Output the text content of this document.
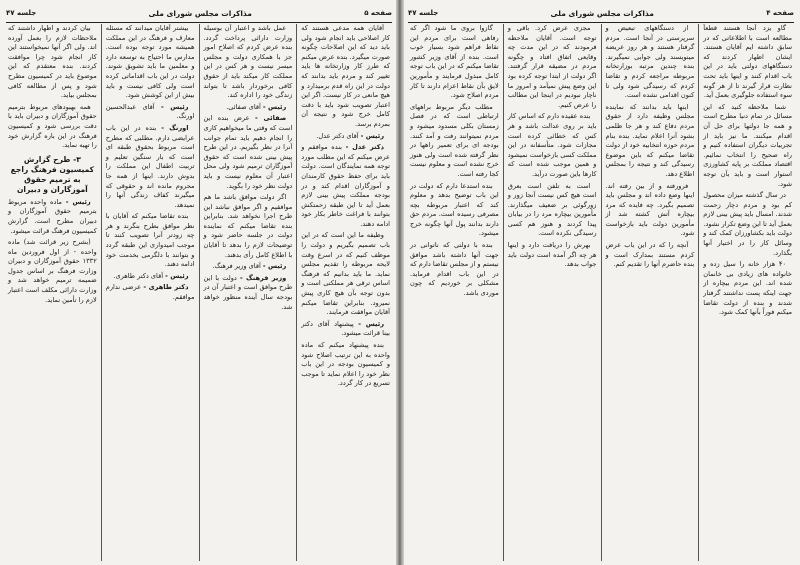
صفحه ۵
مذاکرات مجلس شورای ملی
جلسه ۴۷

آقایان همه مدعی هستند که کار اصلاحی باید انجام شود ولی باید دید که این اصلاحات چگونه صورت میگیرد. بنده عرض میکنم که طرز کار وزارتخانه ها باید تغییر کند و مردم باید بدانند که دولت در این راه قدم برمیدارد و هیچ مانعی در کار نیست. اگر این اعتبار تصویب شود باید با دقت کامل خرج شود و نتیجه آن بمردم برسد.

رئیس - آقای دکتر عدل.

دکتر عدل - بنده موافقم و عرض میکنم که این مطلب مورد توجه همه نمایندگان است. دولت باید برای حفظ حقوق کارمندان و آموزگاران اقدام کند و در بودجه مملکت پیش بینی لازم بعمل آید تا این طبقه زحمتکش بتوانند با فراغت خاطر بکار خود ادامه دهند.

وظیفه ما این است که در این باب تصمیم بگیریم و دولت را موظف کنیم که در اسرع وقت لایحه مربوطه را تقدیم مجلس نماید. ما باید بدانیم که فرهنگ اساس ترقی هر مملکتی است و بدون توجه بآن هیچ کاری پیش نمیرود. بنابراین تقاضا میکنم آقایان موافقت فرمایند.

رئیس - پیشنهاد آقای دکتر بینا قرائت میشود.

بنده پیشنهاد میکنم که ماده واحده به این ترتیب اصلاح شود و کمیسیون بودجه در این باب نظر خود را اعلام نماید تا موجب تسریع در کار گردد.

عمل باشد و اعتبار آن بوسیله وزارت دارائی پرداخت گردد. بنده عرض کردم که اصلاح امور جز با همکاری دولت و مجلس میسر نیست و هر کس در این مملکت کار میکند باید از حقوق کافی برخوردار باشد تا بتواند زندگی خود را اداره کند.

رئیس - آقای صفائی.

صفائی - عرض بنده این است که وقتی ما میخواهیم کاری را انجام دهیم باید تمام جوانب آنرا در نظر بگیریم. در این طرح پیش بینی شده است که حقوق آموزگاران ترمیم شود ولی محل اعتبار آن معلوم نیست و باید دولت نظر خود را بگوید.

اگر دولت موافق باشد ما هم موافقیم و اگر موافق نباشد این طرح اجرا نخواهد شد. بنابراین بنده تقاضا میکنم که نماینده دولت در جلسه حاضر شود و توضیحات لازم را بدهد تا آقایان با اطلاع کامل رأی بدهند.

رئیس - آقای وزیر فرهنگ.

وزیر فرهنگ - دولت با این طرح موافق است و اعتبار آن در بودجه سال آینده منظور خواهد شد.

بیشتر آقایان میدانند که مسئله معارف و فرهنگ در این مملکت همیشه مورد توجه بوده است. مدارس ما احتیاج به توسعه دارد و معلمین ما باید تشویق شوند. دولت در این باب اقداماتی کرده است ولی کافی نیست و باید بیش از این کوشش شود.

رئیس - آقای عبدالحسین اورنگ.

اورنگ - بنده در این باب عرایضی دارم. مطلبی که مطرح است مربوط بحقوق طبقه ای است که بار سنگین تعلیم و تربیت اطفال این مملکت را بدوش دارند. اینها از همه جا محروم مانده اند و حقوقی که میگیرند کفاف زندگی آنها را نمیدهد.

بنده تقاضا میکنم که آقایان با نظر موافق بطرح بنگرند و هر چه زودتر آنرا تصویب کنند تا موجب امیدواری این طبقه گردد و بتوانند با دلگرمی بخدمت خود ادامه دهند.

رئیس - آقای دکتر طاهری.

دکتر طاهری - عرضی ندارم موافقم.

بیان کردند و اظهار داشتند که ملاحظات لازم را بعمل آورده اند. ولی اگر آنها نمیخواستند این کار انجام شود چرا موافقت کردند. بنده معتقدم که این موضوع باید در کمیسیون مطرح شود و پس از مطالعه کافی بمجلس بیاید.

همه بهبودهای مربوط بترمیم حقوق آموزگاران و دبیران باید با دقت بررسی شود و کمیسیون فرهنگ در این باره گزارش خود را تهیه نماید.

۳- طرح گزارش کمیسیون فرهنگ راجع به ترمیم حقوق آموزگاران و دبیران

رئیس - ماده واحده مربوط بترمیم حقوق آموزگاران و دبیران مطرح است. گزارش کمیسیون فرهنگ قرائت میشود.

(بشرح زیر قرائت شد) ماده واحده - از اول فروردین ماه ۱۳۳۲ حقوق آموزگاران و دبیران وزارت فرهنگ بر اساس جدول ضمیمه ترمیم خواهد شد و وزارت دارائی مکلف است اعتبار لازم را تأمین نماید.

صفحه ۴
مذاکرات مجلس شورای ملی
جلسه ۴۷

گاو یزد آنجا هستند قطعاً مطالعه است با اطلاعاتی که در سابق داشته ایم آقایان هستند. ایشان اظهار کردند که دستگاههای دولتی باید در این باب اقدام کنند و اینها باید تحت نظارت قرار گیرند تا از هر گونه سوء استفاده جلوگیری بعمل آید.

شما ملاحظه کنید که این مسائل در تمام دنیا مطرح است و همه جا دولتها برای حل آن اقدام میکنند. ما نیز باید از تجربیات دیگران استفاده کنیم و راه صحیح را انتخاب نمائیم. اقتصاد مملکت بر پایه کشاورزی استوار است و باید بآن توجه شود.

در سال گذشته میزان محصول کم بود و مردم دچار زحمت شدند. امسال باید پیش بینی لازم بعمل آید تا این وضع تکرار نشود. دولت باید بکشاورزان کمک کند و وسائل کار را در اختیار آنها بگذارد.

۴۰ هزار خانه را سیل زده و خانواده های زیادی بی خانمان شده اند. این مردم بیچاره از جهت اینکه پست نداشتند گرفتار شدند و بنده از دولت تقاضا میکنم فوراً بآنها کمک شود.

از دستگاههای تبعیض و سرپرستی در آنجا است. مردم گرفتار هستند و هر روز عریضه مینویسند ولی جوابی نمیگیرند. بنده چندین مرتبه بوزارتخانه مربوطه مراجعه کردم و تقاضا کردم که رسیدگی شود ولی تا کنون اقدامی نشده است.

اینها باید بدانند که نماینده مجلس وظیفه دارد از حقوق مردم دفاع کند و هر جا ظلمی بشود آنرا اعلام نماید. بنده بنام مردم حوزه انتخابیه خود از دولت تقاضا میکنم که باین موضوع رسیدگی کند و نتیجه را بمجلس اطلاع دهد.

فرورفته و از بین رفته اند. اینها وضع داده اند و مجلس باید تصمیم بگیرد. چه فایده که مرد بیچاره آتش کشته شد از مأمورین دولت باید بازخواست شود.

آنچه را که در این باب عرض کردم مستند بمدارک است و بنده حاضرم آنها را تقدیم کنم.

مجزی عرض کرد. باقی و توجه است. آقایان ملاحظه فرمودند که در این مدت چه وقایعی اتفاق افتاد و چگونه مردم در مضیقه قرار گرفتند. اگر دولت از ابتدا توجه کرده بود این وضع پیش نمیآمد و امروز ما ناچار نبودیم در اینجا این مطالب را عرض کنیم.

بنده عقیده دارم که اساس کار باید بر روی عدالت باشد و هر کس که خطائی کرده است مجازات شود. متأسفانه در این مملکت کسی بازخواست نمیشود و همین موجب شده است که کارها باین صورت درآید.

است به تلفن است بعرق است هیچ کس نیست آنجا زور و زورگوئی بر ضعیف میگذارند. مأمورین بیچاره مرد را در بیابان پیدا کردند و هنوز هم کسی رسیدگی نکرده است.

بهرش را دریافت دارد و اینها هر چه اگر آمده است دولت باید جواب بدهد.

گازوا بروی ما شود اگر که رفاهی است برای مردم این نقاط فراهم شود بسیار خوب است. بنده از آقای وزیر کشور تقاضا میکنم که در این باب توجه کامل مبذول فرمایند و مأمورین لایق بآن نقاط اعزام دارند تا کار مردم اصلاح شود.

مطلب دیگر مربوط براههای ارتباطی است که در فصل زمستان بکلی مسدود میشود و مردم نمیتوانند رفت و آمد کنند. بودجه ای برای تعمیر راهها در نظر گرفته شده است ولی هنوز خرج نشده است و معلوم نیست کجا رفته است.

بنده استدعا دارم که دولت در این باب توضیح بدهد و معلوم کند که اعتبار مربوطه بچه مصرفی رسیده است. مردم حق دارند بدانند پول آنها چگونه خرج میشود.

بنده با دولتی که ناتوانی در جهت آنها داشته باشد موافق نیستم و از مجلس تقاضا دارم که در این باب اقدام فرماید. مشکلی بر خوردیم که چون موردی باشد.
